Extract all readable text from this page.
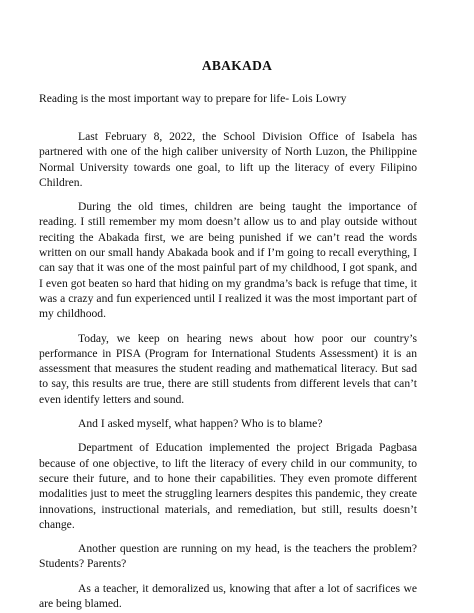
ABAKADA

Reading is the most important way to prepare for life- Lois Lowry

Last February 8, 2022, the School Division Office of Isabela has partnered with one of the high caliber university of North Luzon, the Philippine Normal University towards one goal, to lift up the literacy of every Filipino Children.

During the old times, children are being taught the importance of reading. I still remember my mom doesn’t allow us to and play outside without reciting the Abakada first, we are being punished if we can’t read the words written on our small handy Abakada book and if I’m going to recall everything, I can say that it was one of the most painful part of my childhood, I got spank, and I even got beaten so hard that hiding on my grandma’s back is refuge that time, it was a crazy and fun experienced until I realized it was the most important part of my childhood.

Today, we keep on hearing news about how poor our country’s performance in PISA (Program for International Students Assessment) it is an assessment that measures the student reading and mathematical literacy. But sad to say, this results are true, there are still students from different levels that can’t even identify letters and sound.

And I asked myself, what happen? Who is to blame?

Department of Education implemented the project Brigada Pagbasa because of one objective, to lift the literacy of every child in our community, to secure their future, and to hone their capabilities. They even promote different modalities just to meet the struggling learners despites this pandemic, they create innovations, instructional materials, and remediation, but still, results doesn’t change.

Another question are running on my head, is the teachers the problem? Students? Parents?

As a teacher, it demoralized us, knowing that after a lot of sacrifices we are being blamed.
